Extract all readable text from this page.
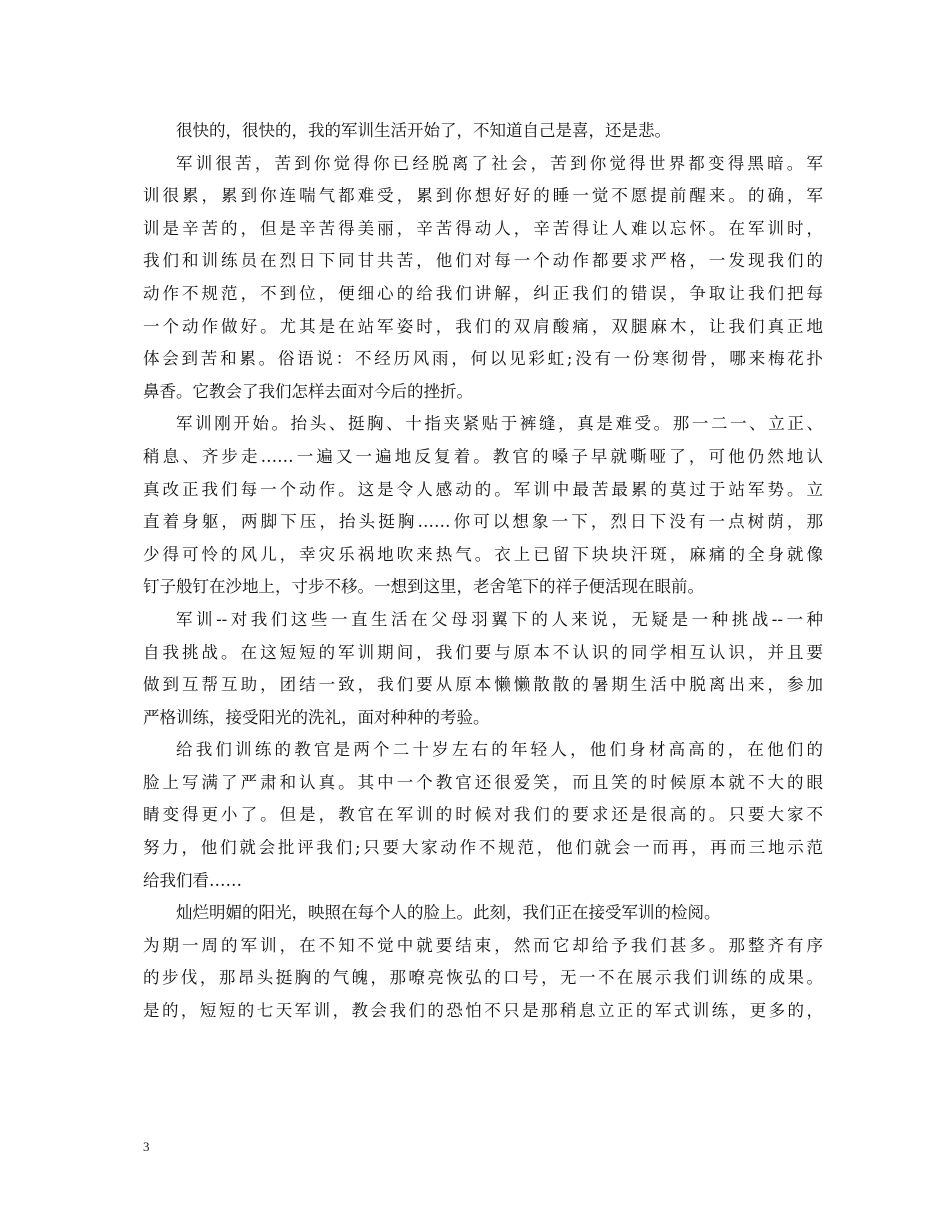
很快的，很快的，我的军训生活开始了，不知道自己是喜，还是悲。
军训很苦，苦到你觉得你已经脱离了社会，苦到你觉得世界都变得黑暗。军
训很累，累到你连喘气都难受，累到你想好好的睡一觉不愿提前醒来。的确，军
训是辛苦的，但是辛苦得美丽，辛苦得动人，辛苦得让人难以忘怀。在军训时，
我们和训练员在烈日下同甘共苦，他们对每一个动作都要求严格，一发现我们的
动作不规范，不到位，便细心的给我们讲解，纠正我们的错误，争取让我们把每
一个动作做好。尤其是在站军姿时，我们的双肩酸痛，双腿麻木，让我们真正地
体会到苦和累。俗语说：不经历风雨，何以见彩虹;没有一份寒彻骨，哪来梅花扑
鼻香。它教会了我们怎样去面对今后的挫折。
军训刚开始。抬头、挺胸、十指夹紧贴于裤缝，真是难受。那一二一、立正、
稍息、齐步走……一遍又一遍地反复着。教官的嗓子早就嘶哑了，可他仍然地认
真改正我们每一个动作。这是令人感动的。军训中最苦最累的莫过于站军势。立
直着身躯，两脚下压，抬头挺胸……你可以想象一下，烈日下没有一点树荫，那
少得可怜的风儿，幸灾乐祸地吹来热气。衣上已留下块块汗斑，麻痛的全身就像
钉子般钉在沙地上，寸步不移。一想到这里，老舍笔下的祥子便活现在眼前。
军训--对我们这些一直生活在父母羽翼下的人来说，无疑是一种挑战--一种
自我挑战。在这短短的军训期间，我们要与原本不认识的同学相互认识，并且要
做到互帮互助，团结一致，我们要从原本懒懒散散的暑期生活中脱离出来，参加
严格训练，接受阳光的洗礼，面对种种的考验。
给我们训练的教官是两个二十岁左右的年轻人，他们身材高高的，在他们的
脸上写满了严肃和认真。其中一个教官还很爱笑，而且笑的时候原本就不大的眼
睛变得更小了。但是，教官在军训的时候对我们的要求还是很高的。只要大家不
努力，他们就会批评我们;只要大家动作不规范，他们就会一而再，再而三地示范
给我们看……
灿烂明媚的阳光，映照在每个人的脸上。此刻，我们正在接受军训的检阅。
为期一周的军训，在不知不觉中就要结束，然而它却给予我们甚多。那整齐有序
的步伐，那昂头挺胸的气魄，那嘹亮恢弘的口号，无一不在展示我们训练的成果。
是的，短短的七天军训，教会我们的恐怕不只是那稍息立正的军式训练，更多的，
3
